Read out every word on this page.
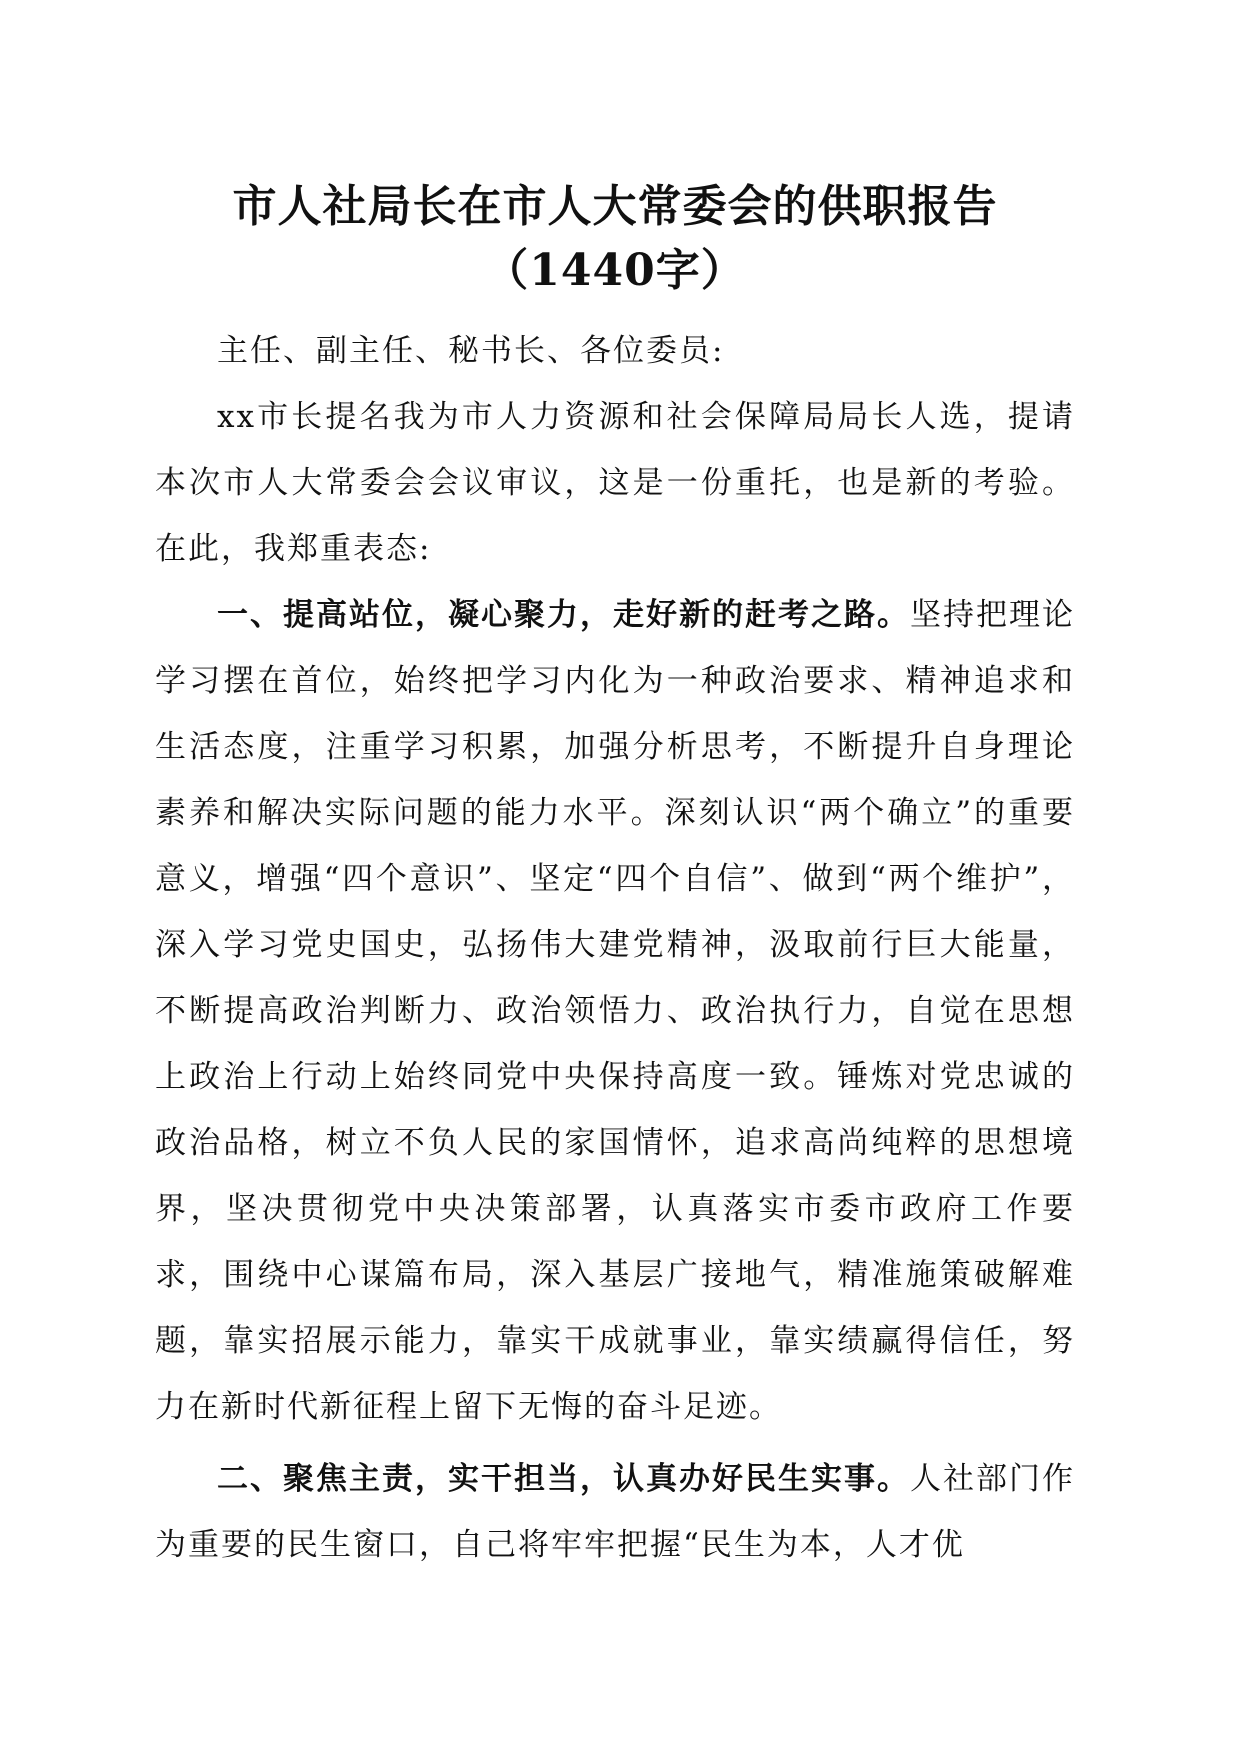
市人社局长在市人大常委会的供职报告（1440字）

主任、副主任、秘书长、各位委员:

xx市长提名我为市人力资源和社会保障局局长人选，提请本次市人大常委会会议审议，这是一份重托，也是新的考验。在此，我郑重表态:

一、提高站位，凝心聚力，走好新的赶考之路。坚持把理论学习摆在首位，始终把学习内化为一种政治要求、精神追求和生活态度，注重学习积累，加强分析思考，不断提升自身理论素养和解决实际问题的能力水平。深刻认识“两个确立”的重要意义，增强“四个意识”、坚定“四个自信”、做到“两个维护”，深入学习党史国史，弘扬伟大建党精神，汲取前行巨大能量，不断提高政治判断力、政治领悟力、政治执行力，自觉在思想上政治上行动上始终同党中央保持高度一致。锤炼对党忠诚的政治品格，树立不负人民的家国情怀，追求高尚纯粹的思想境界，坚决贯彻党中央决策部署，认真落实市委市政府工作要求，围绕中心谋篇布局，深入基层广接地气，精准施策破解难题，靠实招展示能力，靠实干成就事业，靠实绩赢得信任，努力在新时代新征程上留下无悔的奋斗足迹。

二、聚焦主责，实干担当，认真办好民生实事。人社部门作为重要的民生窗口，自己将牢牢把握“民生为本，人才优
